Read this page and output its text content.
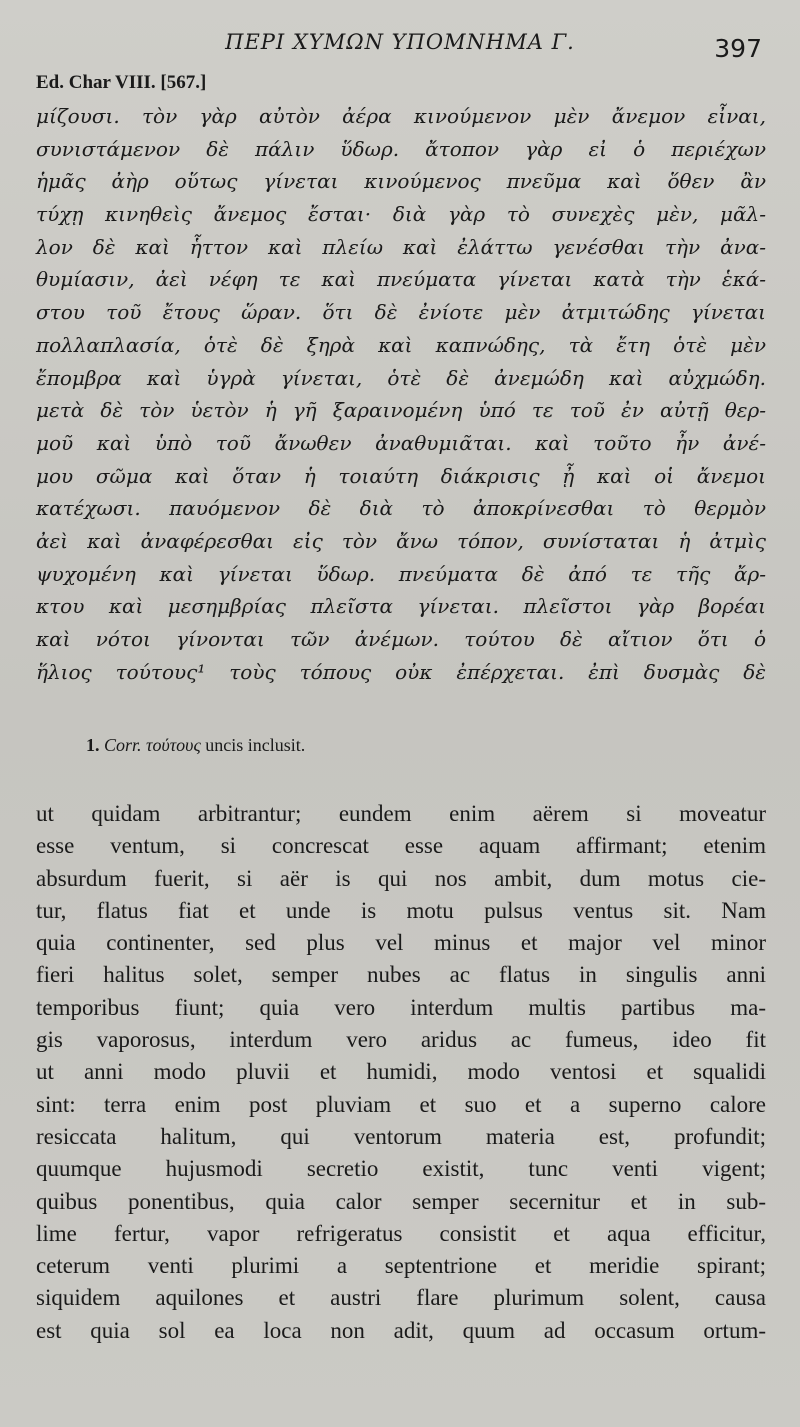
ΠΕΡΙ ΧΥΜΩΝ ΥΠΟΜΝΗΜΑ Γ.	397
Ed. Char VIII. [567.]
μίζουσι. τὸν γὰρ αὐτὸν ἀέρα κινούμενον μὲν ἄνεμον εἶναι,
συνιστάμενον δὲ πάλιν ὕδωρ. ἄτοπον γὰρ εἰ ὁ περιέχων
ἡμᾶς ἀὴρ οὕτως γίνεται κινούμενος πνεῦμα καὶ ὅθεν ἂν
τύχῃ κινηθεὶς ἄνεμος ἔσται· διὰ γὰρ τὸ συνεχὲς μὲν, μᾶλ-
λον δὲ καὶ ἧττον καὶ πλείω καὶ ἐλάττω γενέσθαι τὴν ἀνα-
θυμίασιν, ἀεὶ νέφη τε καὶ πνεύματα γίνεται κατὰ τὴν ἑκά-
στου τοῦ ἔτους ὥραν. ὅτι δὲ ἐνίοτε μὲν ἀτμιτώδης γίνεται
πολλαπλασία, ὁτὲ δὲ ξηρὰ καὶ καπνώδης, τὰ ἔτη ὁτὲ μὲν
ἔπομβρα καὶ ὑγρὰ γίνεται, ὁτὲ δὲ ἀνεμώδη καὶ αὐχμώδη.
μετὰ δὲ τὸν ὑετὸν ἡ γῆ ξαραινομένη ὑπό τε τοῦ ἐν αὐτῇ θερ-
μοῦ καὶ ὑπὸ τοῦ ἄνωθεν ἀναθυμιᾶται. καὶ τοῦτο ἦν ἀνέ-
μου σῶμα καὶ ὅταν ἡ τοιαύτη διάκρισις ᾖ καὶ οἱ ἄνεμοι
κατέχωσι. παυόμενον δὲ διὰ τὸ ἀποκρίνεσθαι τὸ θερμὸν
ἀεὶ καὶ ἀναφέρεσθαι εἰς τὸν ἄνω τόπον, συνίσταται ἡ ἀτμὶς
ψυχομένη καὶ γίνεται ὕδωρ. πνεύματα δὲ ἀπό τε τῆς ἄρ-
κτου καὶ μεσημβρίας πλεῖστα γίνεται. πλεῖστοι γὰρ βορέαι
καὶ νότοι γίνονται τῶν ἀνέμων. τούτου δὲ αἴτιον ὅτι ὁ
ἥλιος τούτους¹ τοὺς τόπους οὐκ ἐπέρχεται. ἐπὶ δυσμὰς δὲ
1. Corr. τούτους uncis inclusit.
ut quidam arbitrantur; eundem enim aërem si moveatur
esse ventum, si concrescat esse aquam affirmant; etenim
absurdum fuerit, si aër is qui nos ambit, dum motus cie-
tur, flatus fiat et unde is motu pulsus ventus sit. Nam
quia continenter, sed plus vel minus et major vel minor
fieri halitus solet, semper nubes ac flatus in singulis anni
temporibus fiunt; quia vero interdum multis partibus ma-
gis vaporosus, interdum vero aridus ac fumeus, ideo fit
ut anni modo pluvii et humidi, modo ventosi et squalidi
sint: terra enim post pluviam et suo et a superno calore
resiccata halitum, qui ventorum materia est, profundit;
quumque hujusmodi secretio existit, tunc venti vigent;
quibus ponentibus, quia calor semper secernitur et in sub-
lime fertur, vapor refrigeratus consistit et aqua efficitur,
ceterum venti plurimi a septentrione et meridie spirant;
siquidem aquilones et austri flare plurimum solent, causa
est quia sol ea loca non adit, quum ad occasum ortum-
